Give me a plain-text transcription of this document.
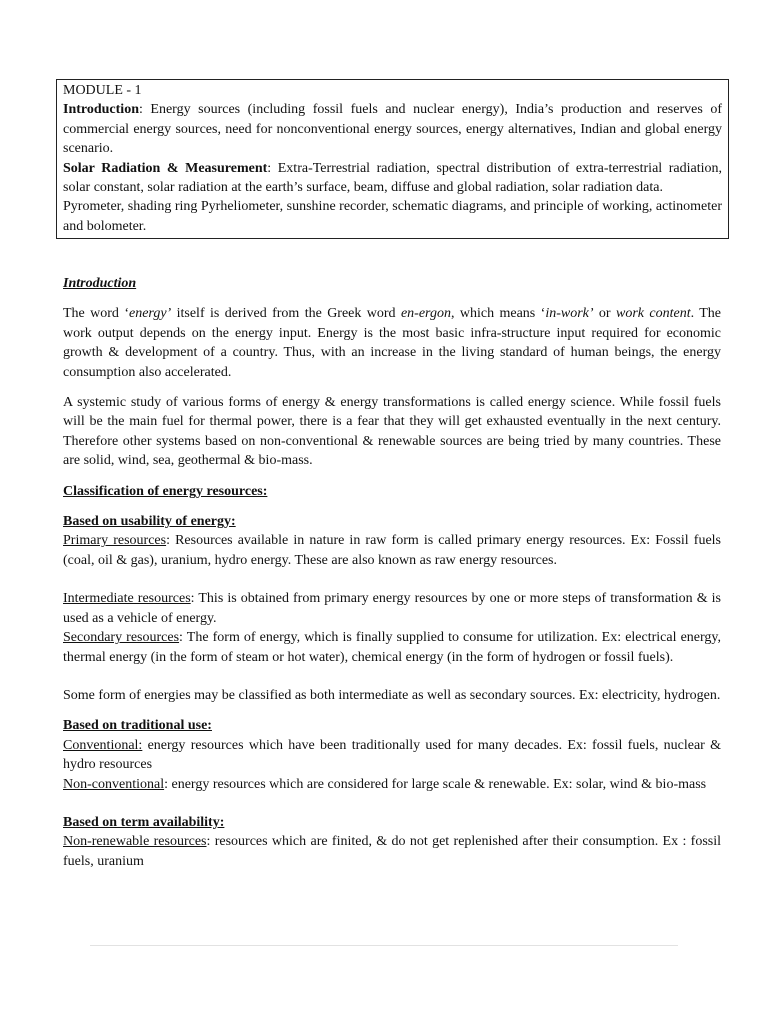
MODULE - 1

Introduction: Energy sources (including fossil fuels and nuclear energy), India’s production and reserves of commercial energy sources, need for nonconventional energy sources, energy alternatives, Indian and global energy scenario.

Solar Radiation & Measurement: Extra-Terrestrial radiation, spectral distribution of extra-terrestrial radiation, solar constant, solar radiation at the earth’s surface, beam, diffuse and global radiation, solar radiation data.

Pyrometer, shading ring Pyrheliometer, sunshine recorder, schematic diagrams, and principle of working, actinometer and bolometer.

Introduction

The word ‘energy’ itself is derived from the Greek word en-ergon, which means ‘in-work’ or work content. The work output depends on the energy input. Energy is the most basic infra-structure input required for economic growth & development of a country. Thus, with an increase in the living standard of human beings, the energy consumption also accelerated.

A systemic study of various forms of energy & energy transformations is called energy science. While fossil fuels will be the main fuel for thermal power, there is a fear that they will get exhausted eventually in the next century. Therefore other systems based on non-conventional & renewable sources are being tried by many countries. These are solid, wind, sea, geothermal & bio-mass.

Classification of energy resources:

Based on usability of energy:

Primary resources: Resources available in nature in raw form is called primary energy resources. Ex: Fossil fuels (coal, oil & gas), uranium, hydro energy. These are also known as raw energy resources.

Intermediate resources: This is obtained from primary energy resources by one or more steps of transformation & is used as a vehicle of energy.

Secondary resources: The form of energy, which is finally supplied to consume for utilization. Ex: electrical energy, thermal energy (in the form of steam or hot water), chemical energy (in the form of hydrogen or fossil fuels).

Some form of energies may be classified as both intermediate as well as secondary sources. Ex: electricity, hydrogen.

Based on traditional use:

Conventional: energy resources which have been traditionally used for many decades. Ex: fossil fuels, nuclear & hydro resources

Non-conventional: energy resources which are considered for large scale & renewable. Ex: solar, wind & bio-mass

Based on term availability:

Non-renewable resources: resources which are finited, & do not get replenished after their consumption. Ex : fossil fuels, uranium
